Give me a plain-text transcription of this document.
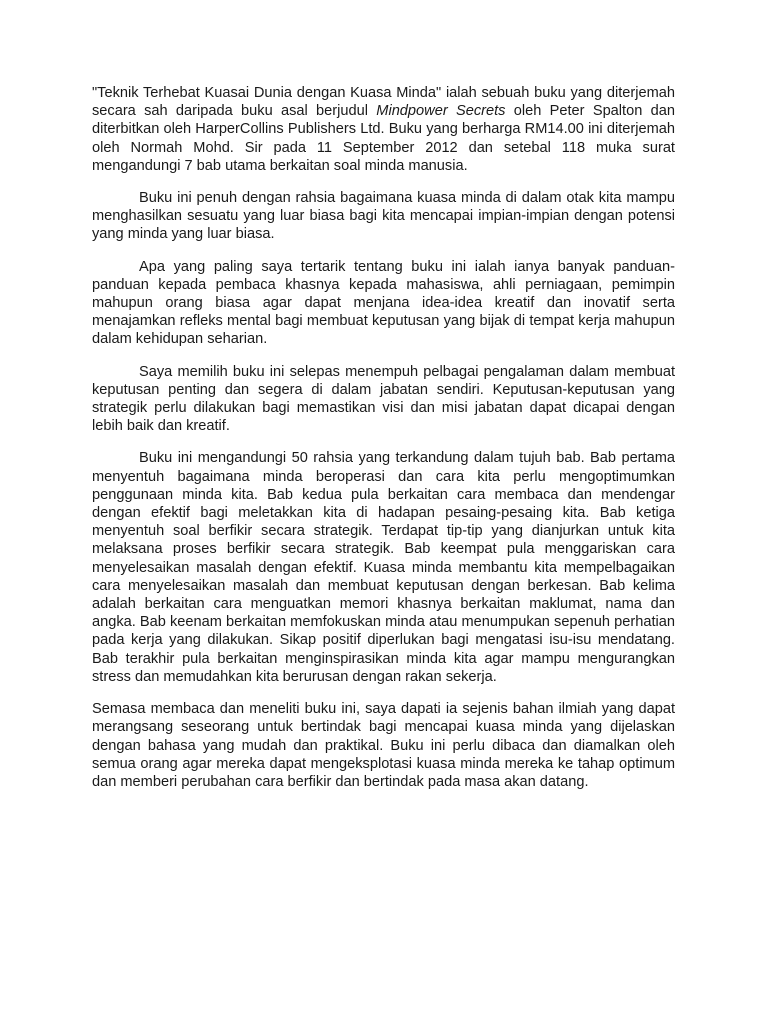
"Teknik Terhebat Kuasai Dunia dengan Kuasa Minda" ialah sebuah buku yang diterjemah secara sah daripada buku asal berjudul Mindpower Secrets oleh Peter Spalton dan diterbitkan oleh HarperCollins Publishers Ltd. Buku yang berharga RM14.00 ini diterjemah oleh Normah Mohd. Sir pada 11 September 2012 dan setebal 118 muka surat mengandungi 7 bab utama berkaitan soal minda manusia.

Buku ini penuh dengan rahsia bagaimana kuasa minda di dalam otak kita mampu menghasilkan sesuatu yang luar biasa bagi kita mencapai impian-impian dengan potensi yang minda yang luar biasa.

Apa yang paling saya tertarik tentang buku ini ialah ianya banyak panduan-panduan kepada pembaca khasnya kepada mahasiswa, ahli perniagaan, pemimpin mahupun orang biasa agar dapat menjana idea-idea kreatif dan inovatif serta menajamkan refleks mental bagi membuat keputusan yang bijak di tempat kerja mahupun dalam kehidupan seharian.

Saya memilih buku ini selepas menempuh pelbagai pengalaman dalam membuat keputusan penting dan segera di dalam jabatan sendiri. Keputusan-keputusan yang strategik perlu dilakukan bagi memastikan visi dan misi jabatan dapat dicapai dengan lebih baik dan kreatif.

Buku ini mengandungi 50 rahsia yang terkandung dalam tujuh bab. Bab pertama menyentuh bagaimana minda beroperasi dan cara kita perlu mengoptimumkan penggunaan minda kita. Bab kedua pula berkaitan cara membaca dan mendengar dengan efektif bagi meletakkan kita di hadapan pesaing-pesaing kita. Bab ketiga menyentuh soal berfikir secara strategik. Terdapat tip-tip yang dianjurkan untuk kita melaksana proses berfikir secara strategik. Bab keempat pula menggariskan cara menyelesaikan masalah dengan efektif. Kuasa minda membantu kita mempelbagaikan cara menyelesaikan masalah dan membuat keputusan dengan berkesan. Bab kelima adalah berkaitan cara menguatkan memori khasnya berkaitan maklumat, nama dan angka. Bab keenam berkaitan memfokuskan minda atau menumpukan sepenuh perhatian pada kerja yang dilakukan. Sikap positif diperlukan bagi mengatasi isu-isu mendatang. Bab terakhir pula berkaitan menginspirasikan minda kita agar mampu mengurangkan stress dan memudahkan kita berurusan dengan rakan sekerja.

Semasa membaca dan meneliti buku ini, saya dapati ia sejenis bahan ilmiah yang dapat merangsang seseorang untuk bertindak bagi mencapai kuasa minda yang dijelaskan dengan bahasa yang mudah dan praktikal. Buku ini perlu dibaca dan diamalkan oleh semua orang agar mereka dapat mengeksplotasi kuasa minda mereka ke tahap optimum dan memberi perubahan cara berfikir dan bertindak pada masa akan datang.
